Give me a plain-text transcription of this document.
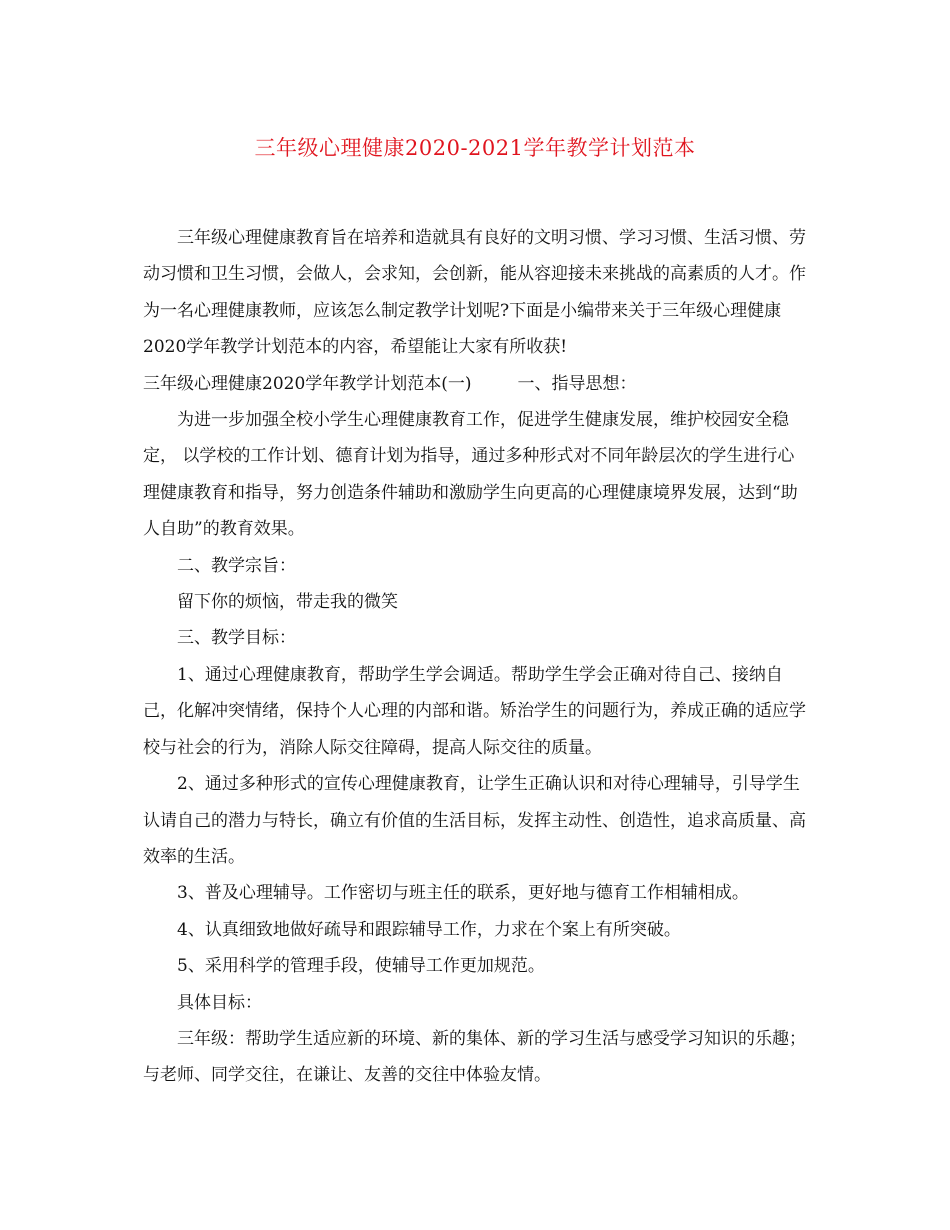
三年级心理健康2020-2021学年教学计划范本

三年级心理健康教育旨在培养和造就具有良好的文明习惯、学习习惯、生活习惯、劳动习惯和卫生习惯，会做人，会求知，会创新，能从容迎接未来挑战的高素质的人才。作为一名心理健康教师，应该怎么制定教学计划呢?下面是小编带来关于三年级心理健康2020学年教学计划范本的内容，希望能让大家有所收获!

三年级心理健康2020学年教学计划范本(一)	一、指导思想：

为进一步加强全校小学生心理健康教育工作，促进学生健康发展，维护校园安全稳定， 以学校的工作计划、德育计划为指导，通过多种形式对不同年龄层次的学生进行心理健康教育和指导，努力创造条件辅助和激励学生向更高的心理健康境界发展，达到“助人自助”的教育效果。

二、教学宗旨：

留下你的烦恼，带走我的微笑

三、教学目标：

1、通过心理健康教育，帮助学生学会调适。帮助学生学会正确对待自己、接纳自己，化解冲突情绪，保持个人心理的内部和谐。矫治学生的问题行为，养成正确的适应学校与社会的行为，消除人际交往障碍，提高人际交往的质量。

2、通过多种形式的宣传心理健康教育，让学生正确认识和对待心理辅导，引导学生认请自己的潜力与特长，确立有价值的生活目标，发挥主动性、创造性，追求高质量、高效率的生活。

3、普及心理辅导。工作密切与班主任的联系，更好地与德育工作相辅相成。

4、认真细致地做好疏导和跟踪辅导工作，力求在个案上有所突破。

5、采用科学的管理手段，使辅导工作更加规范。

具体目标：

三年级：帮助学生适应新的环境、新的集体、新的学习生活与感受学习知识的乐趣；与老师、同学交往，在谦让、友善的交往中体验友情。
